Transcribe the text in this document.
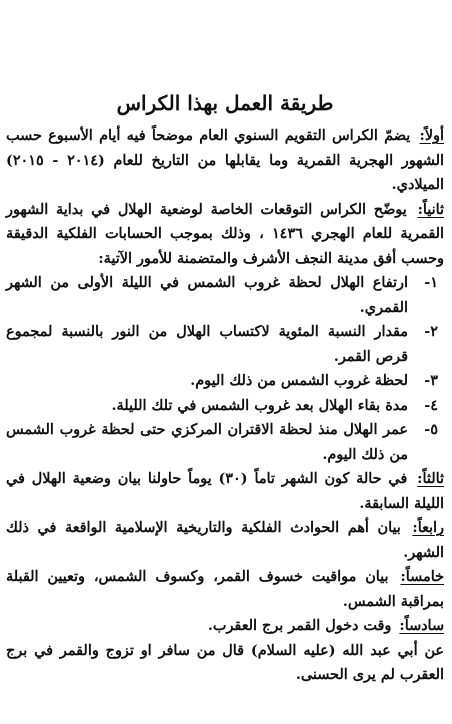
طريقة العمل بهذا الكراس

أولاً: يضمّ الكراس التقويم السنوي العام موضحاً فيه أيام الأسبوع حسب الشهور الهجرية القمرية وما يقابلها من التاريخ للعام (٢٠١٤ - ٢٠١٥) الميلادي.

ثانياً: يوضّح الكراس التوقعات الخاصة لوضعية الهلال في بداية الشهور القمرية للعام الهجري ١٤٣٦ ، وذلك بموجب الحسابات الفلكية الدقيقة وحسب أفق مدينة النجف الأشرف والمتضمنة للأمور الآتية:

١-
ارتفاع الهلال لحظة غروب الشمس في الليلة الأولى من الشهر القمري.
٢-
مقدار النسبة المئوية لاكتساب الهلال من النور بالنسبة لمجموع قرص القمر.
٣-
لحظة غروب الشمس من ذلك اليوم.
٤-
مدة بقاء الهلال بعد غروب الشمس في تلك الليلة.
٥-
عمر الهلال منذ لحظة الاقتران المركزي حتى لحظة غروب الشمس من ذلك اليوم.

ثالثاً: في حالة كون الشهر تاماً (٣٠) يوماً حاولنا بيان وضعية الهلال في الليلة السابقة.

رابعاً: بيان أهم الحوادث الفلكية والتاريخية الإسلامية الواقعة في ذلك الشهر.

خامساً: بيان مواقيت خسوف القمر، وكسوف الشمس، وتعيين القبلة بمراقبة الشمس.

سادساً: وقت دخول القمر برج العقرب.

عن أبي عبد الله (عليه السلام) قال من سافر او تزوج والقمر في برج العقرب لم يرى الحسنى.
